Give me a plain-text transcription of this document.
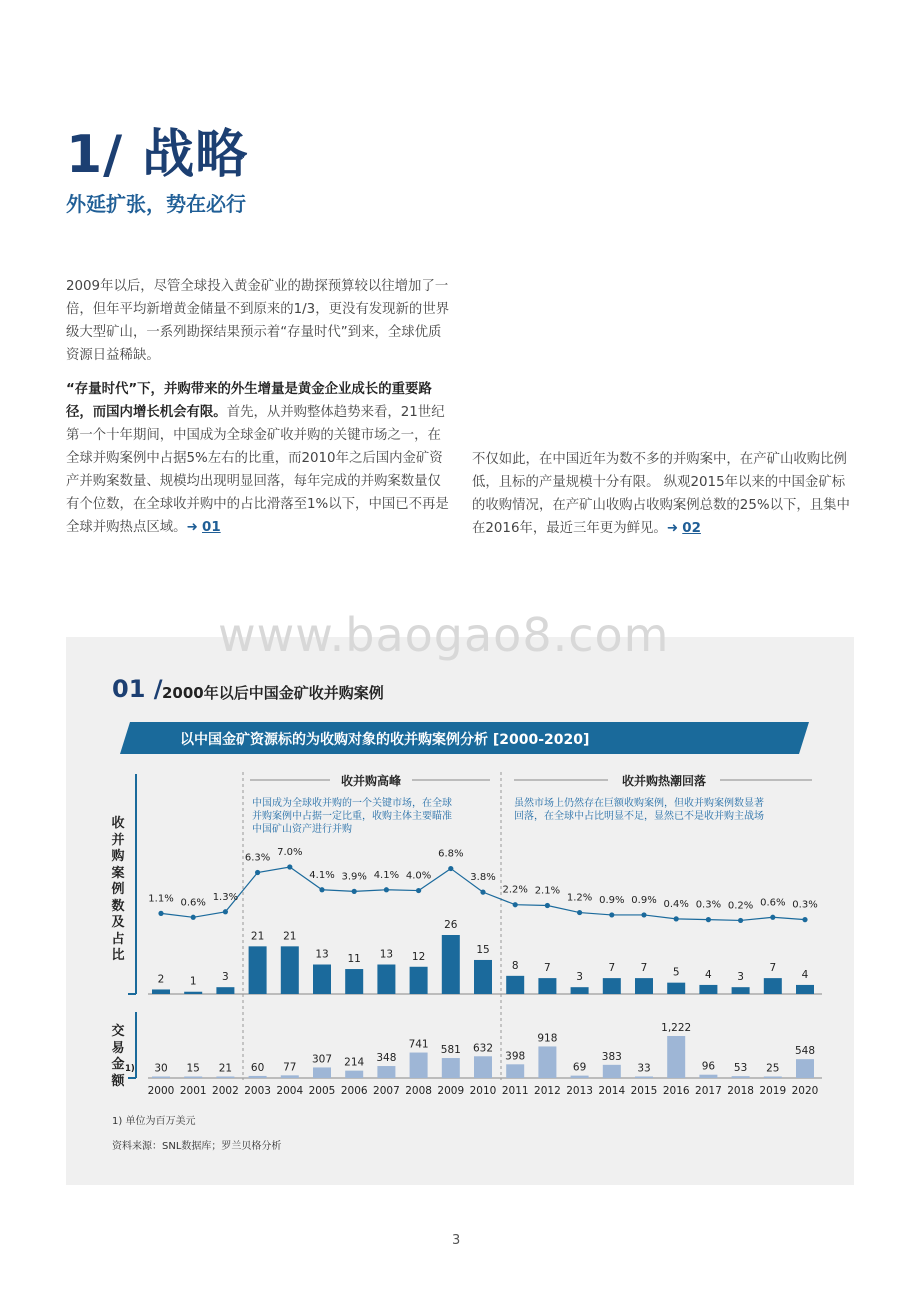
1/ 战略
外延扩张，势在必行

2009年以后，尽管全球投入黄金矿业的勘探预算较以往增加了一倍，但年平均新增黄金储量不到原来的1/3，更没有发现新的世界级大型矿山，一系列勘探结果预示着“存量时代”到来，全球优质资源日益稀缺。

“存量时代”下，并购带来的外生增量是黄金企业成长的重要路径，而国内增长机会有限。首先，从并购整体趋势来看，21世纪第一个十年期间，中国成为全球金矿收并购的关键市场之一，在全球并购案例中占据5%左右的比重，而2010年之后国内金矿资产并购案数量、规模均出现明显回落，每年完成的并购案数量仅有个位数，在全球收并购中的占比滑落至1%以下，中国已不再是全球并购热点区域。➜ 01

不仅如此，在中国近年为数不多的并购案中，在产矿山收购比例低，且标的产量规模十分有限。 纵观2015年以来的中国金矿标的收购情况，在产矿山收购占收购案例总数的25%以下，且集中在2016年，最近三年更为鲜见。➜ 02

www.baogao8.com
01 / 2000年以后中国金矿收并购案例
以中国金矿资源标的为收购对象的收并购案例分析 [2000-2020]
收并购案例数及占比
交易金额
1)
收并购高峰	收并购热潮回落
中国成为全球收并购的一个关键市场，在全球
并购案例中占据一定比重，收购主体主要瞄准
中国矿山资产进行并购
虽然市场上仍然存在巨额收购案例，但收并购案例数显著
回落，在全球中占比明显不足，显然已不是收并购主战场
1.1% 0.6% 1.3%
6.3% 7.0%
4.1% 3.9% 4.1% 4.0%
6.8%
3.8%
2.2% 2.1%
1.2% 0.9% 0.9% 0.4% 0.3% 0.2% 0.6% 0.3%
2 1 3
21 21
13 11 13 12
26
15
8 7
3
7 7 5 4 3
7
4
30 15 21 60 77
307 214 348
741 581 632
398
918
69
383
33
1,222
96 53 25
548
2000 2001 2002 2003 2004 2005 2006 2007 2008 2009 2010 2011 2012 2013 2014 2015 2016 2017 2018 2019 2020
1) 单位为百万美元
资料来源：SNL数据库；罗兰贝格分析
3
